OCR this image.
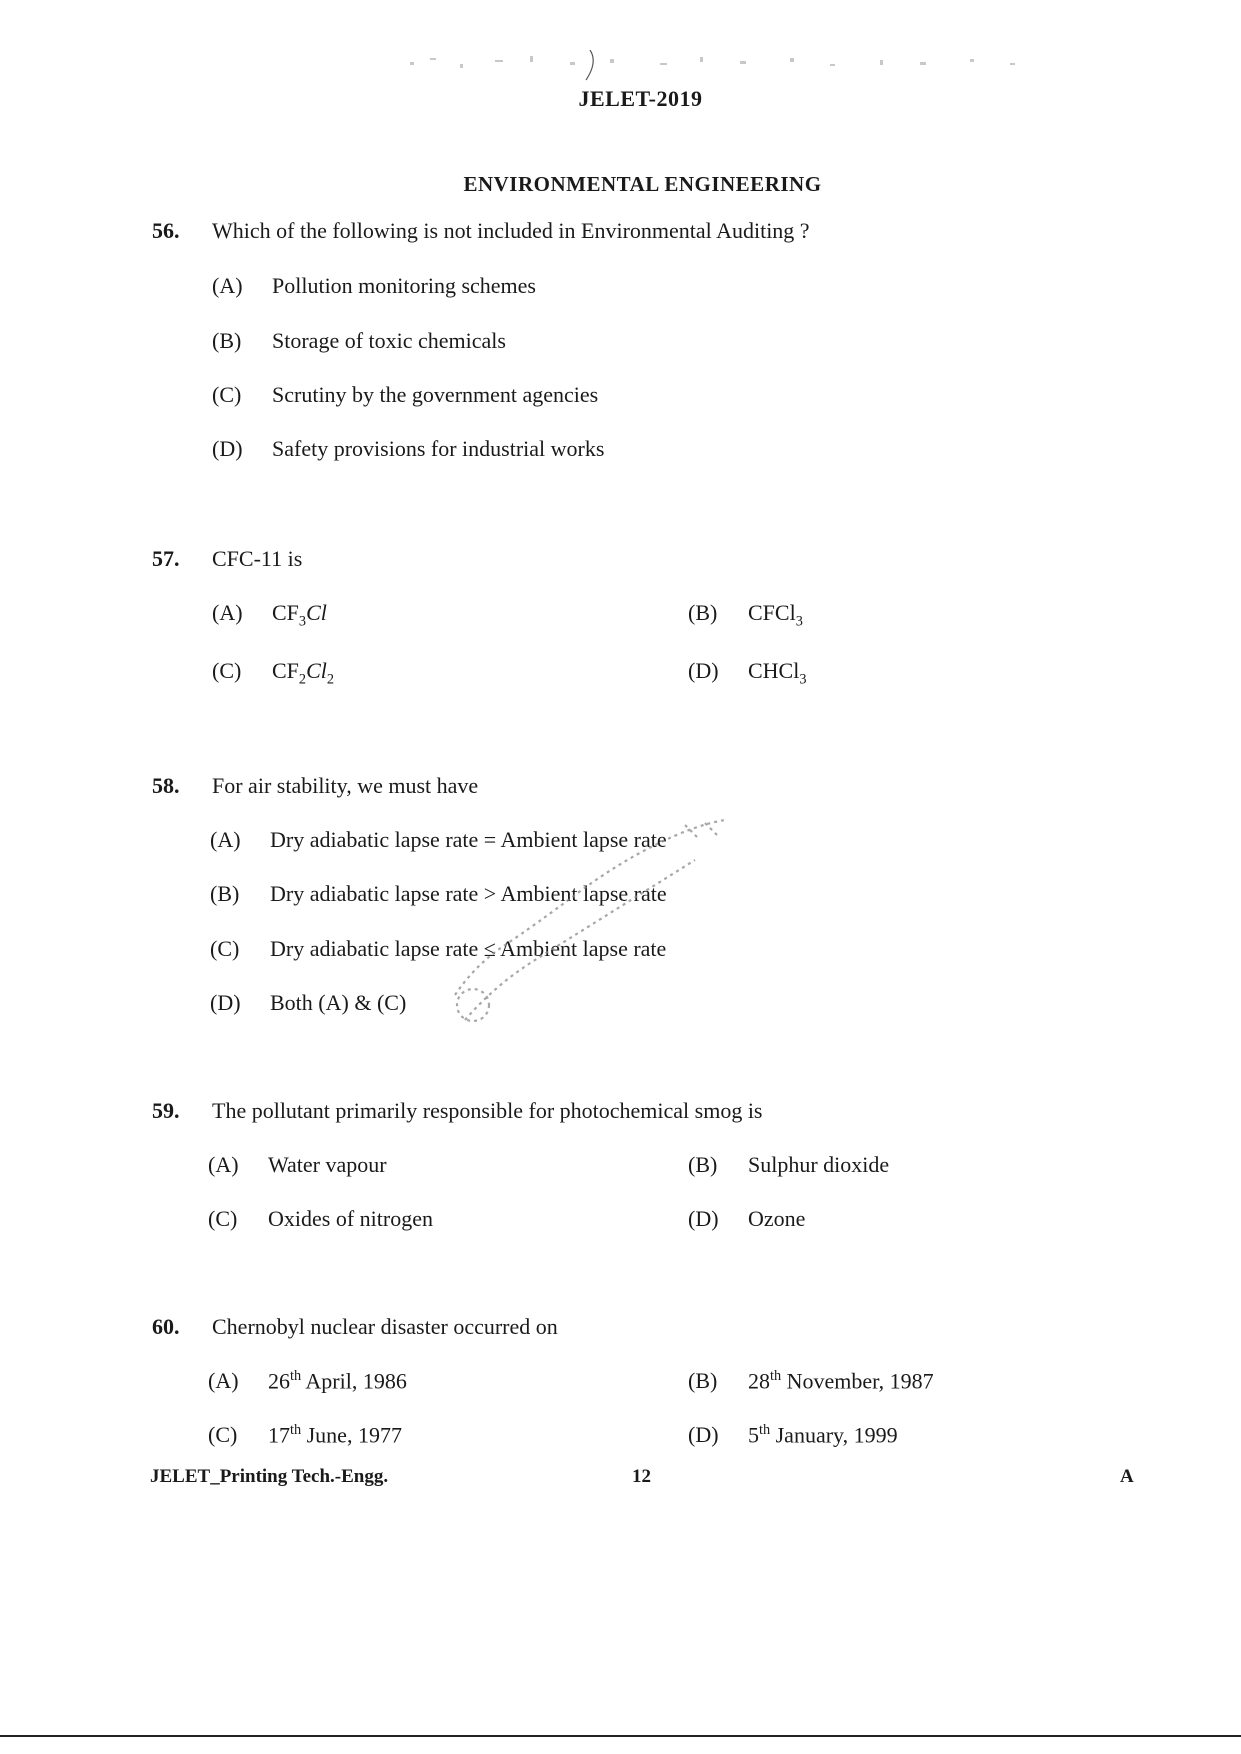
JELET-2019
ENVIRONMENTAL ENGINEERING
56. Which of the following is not included in Environmental Auditing ?
(A) Pollution monitoring schemes
(B) Storage of toxic chemicals
(C) Scrutiny by the government agencies
(D) Safety provisions for industrial works
57. CFC-11 is
(A) $CF_3Cl$	(B) CFCl$_3$
(C) $CF_2Cl_2$	(D) CHCl$_3$
58. For air stability, we must have
(A) Dry adiabatic lapse rate = Ambient lapse rate
(B) Dry adiabatic lapse rate > Ambient lapse rate
(C) Dry adiabatic lapse rate ≤ Ambient lapse rate
(D) Both (A) & (C)
59. The pollutant primarily responsible for photochemical smog is
(A) Water vapour	(B) Sulphur dioxide
(C) Oxides of nitrogen	(D) Ozone
60. Chernobyl nuclear disaster occurred on
(A) 26th April, 1986	(B) 28th November, 1987
(C) 17th June, 1977	(D) 5th January, 1999
JELET_Printing Tech.-Engg.	12	A
